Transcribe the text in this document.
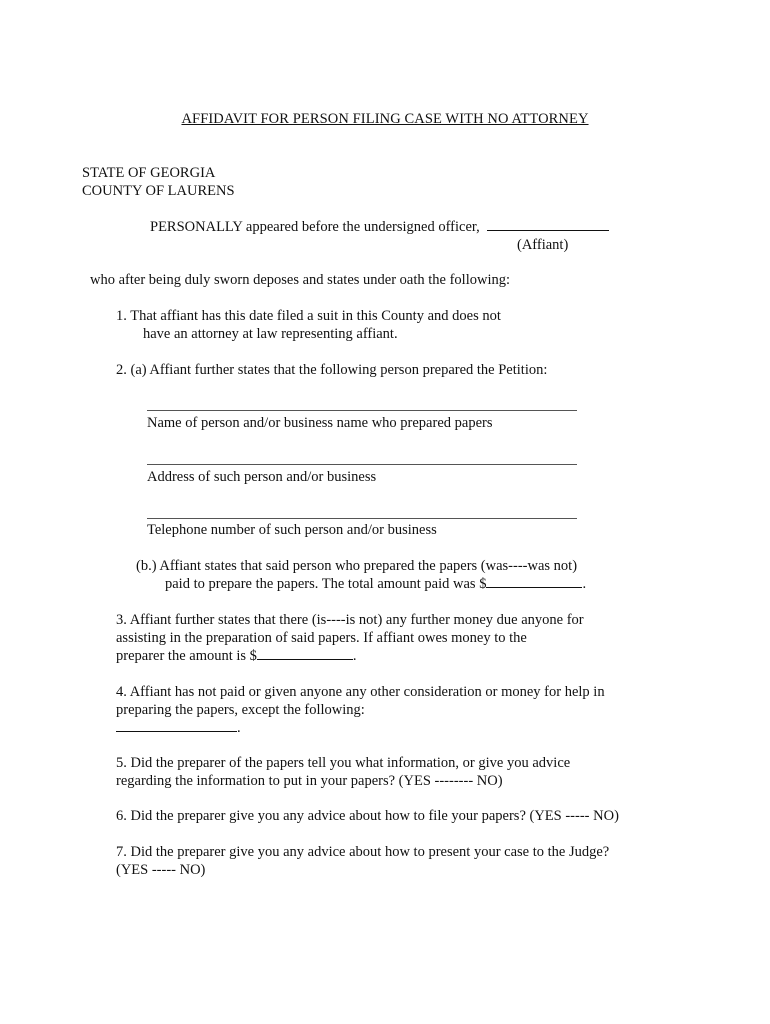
AFFIDAVIT FOR PERSON FILING CASE WITH NO ATTORNEY
STATE OF GEORGIA
COUNTY OF LAURENS
PERSONALLY appeared before the undersigned officer,
(Affiant)
who after being duly sworn deposes and states under oath the following:
1. That affiant has this date filed a suit in this County and does not
have an attorney at law representing affiant.
2. (a) Affiant further states that the following person prepared the Petition:
Name of person and/or business name who prepared papers
Address of such person and/or business
Telephone number of such person and/or business
(b.) Affiant states that said person who prepared the papers (was----was not)
paid to prepare the papers. The total amount paid was $	.
3. Affiant further states that there (is----is not) any further money due anyone for
assisting in the preparation of said papers. If affiant owes money to the
preparer the amount is $	.
4. Affiant has not paid or given anyone any other consideration or money for help in
preparing the papers, except the following:
.
5. Did the preparer of the papers tell you what information, or give you advice
regarding the information to put in your papers? (YES -------- NO)
6. Did the preparer give you any advice about how to file your papers? (YES ----- NO)
7. Did the preparer give you any advice about how to present your case to the Judge?
(YES ----- NO)
